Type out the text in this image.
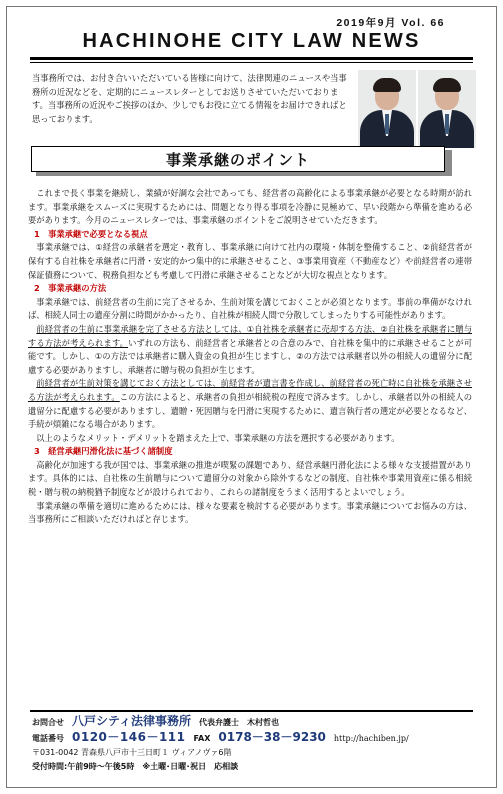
2019年9月 Vol. 66
HACHINOHE CITY LAW NEWS
当事務所では、お付き合いいただいている皆様に向けて、法律関連のニュースや当事務所の近況などを、定期的にニュースレターとしてお送りさせていただいております。当事務所の近況やご挨拶のほか、少しでもお役に立てる情報をお届けできればと思っております。
事業承継のポイント

これまで長く事業を継続し、業績が好調な会社であっても、経営者の高齢化による事業承継が必要となる時期が訪れます。事業承継をスムーズに実現するためには、問題となり得る事項を冷静に見極めて、早い段階から準備を進める必要があります。今月のニュースレターでは、事業承継のポイントをご説明させていただきます。

1　事業承継で必要となる視点

事業承継では、①経営の承継者を選定・教育し、事業承継に向けて社内の環境・体制を整備すること、②前経営者が保有する自社株を承継者に円滑・安定的かつ集中的に承継させること、③事業用資産（不動産など）や前経営者の連帯保証債務について、税務負担なども考慮して円滑に承継させることなどが大切な視点となります。

2　事業承継の方法

事業承継では、前経営者の生前に完了させるか、生前対策を講じておくことが必須となります。事前の準備がなければ、相続人同士の遺産分割に時間がかかったり、自社株が相続人間で分散してしまったりする可能性があります。

前経営者の生前に事業承継を完了させる方法としては、①自社株を承継者に売却する方法、②自社株を承継者に贈与する方法が考えられます。いずれの方法も、前経営者と承継者との合意のみで、自社株を集中的に承継させることが可能です。しかし、①の方法では承継者に購入資金の負担が生じますし、②の方法では承継者以外の相続人の遺留分に配慮する必要がありますし、承継者に贈与税の負担が生じます。

前経営者が生前対策を講じておく方法としては、前経営者が遺言書を作成し、前経営者の死亡時に自社株を承継させる方法が考えられます。この方法によると、承継者の負担が相続税の程度で済みます。しかし、承継者以外の相続人の遺留分に配慮する必要がありますし、遺贈・死因贈与を円滑に実現するために、遺言執行者の選定が必要となるなど、手続が煩雑になる場合があります。

以上のようなメリット・デメリットを踏まえた上で、事業承継の方法を選択する必要があります。

3　経営承継円滑化法に基づく諸制度

高齢化が加速する我が国では、事業承継の推進が喫緊の課題であり、経営承継円滑化法による様々な支援措置があります。具体的には、自社株の生前贈与について遺留分の対象から除外するなどの制度、自社株や事業用資産に係る相続税・贈与税の納税猶予制度などが設けられており、これらの諸制度をうまく活用するとよいでしょう。

事業承継の準備を適切に進めるためには、様々な要素を検討する必要があります。事業承継についてお悩みの方は、当事務所にご相談いただければと存じます。

お問合せ 八戸シティ法律事務所 代表弁護士 木村哲也
電話番号 0120－146－111 FAX 0178－38－9230 http://hachiben.jp/
〒031-0042 青森県八戸市十三日町１ ヴィアノヴァ6階
受付時間:午前9時〜午後5時　※土曜･日曜･祝日　応相談
